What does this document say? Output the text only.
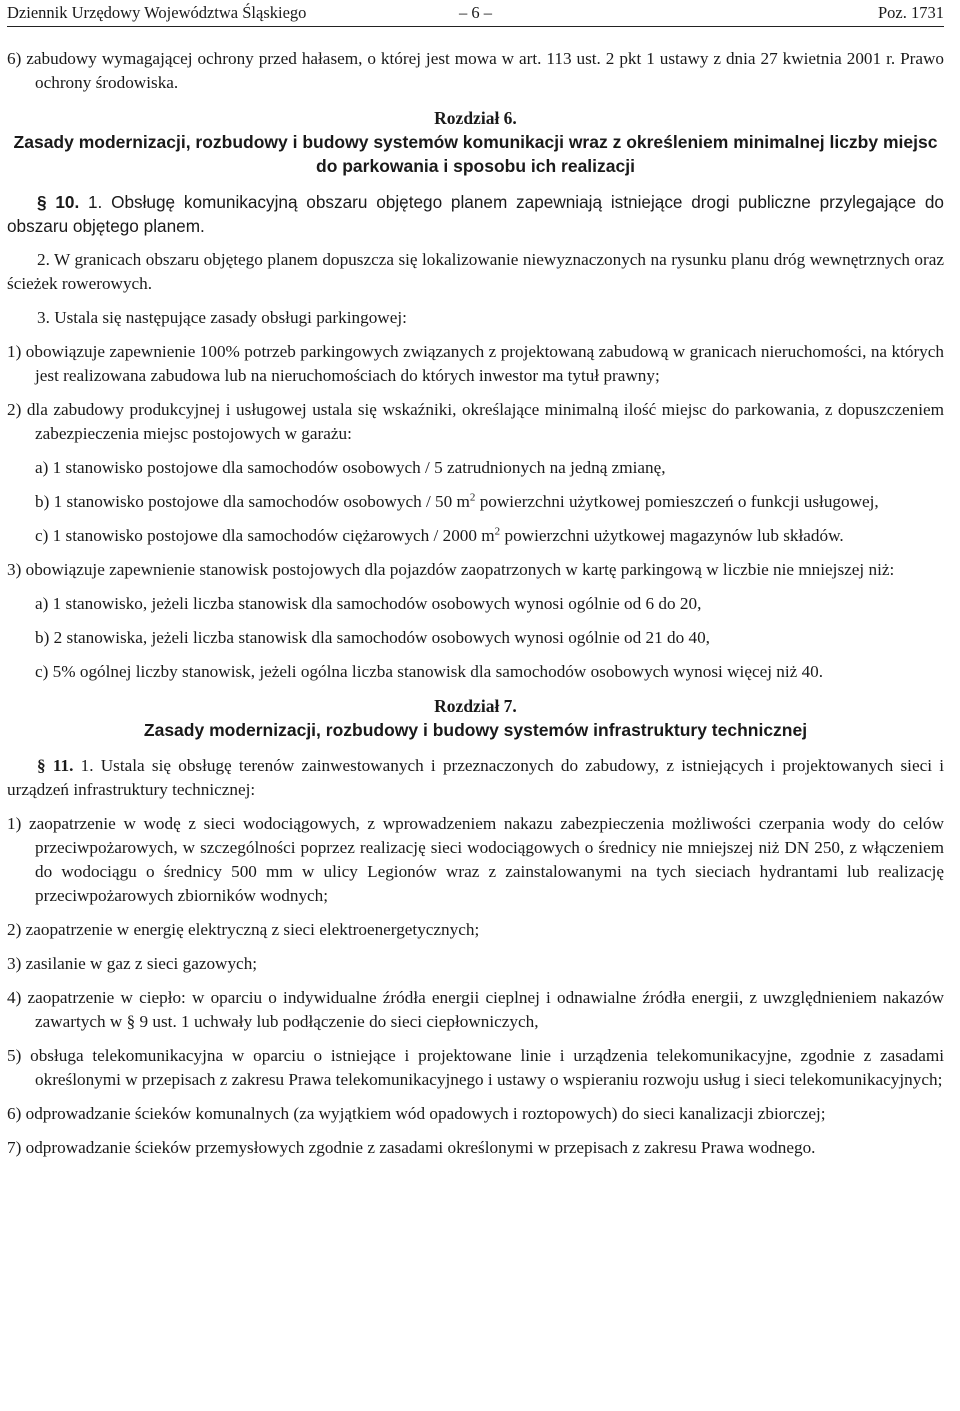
Dziennik Urzędowy Województwa Śląskiego	– 6 –	Poz. 1731

6) zabudowy wymagającej ochrony przed hałasem, o której jest mowa w art. 113 ust. 2 pkt 1 ustawy z dnia 27 kwietnia 2001 r. Prawo ochrony środowiska.

Rozdział 6.
Zasady modernizacji, rozbudowy i budowy systemów komunikacji wraz z określeniem minimalnej liczby miejsc do parkowania i sposobu ich realizacji

§ 10. 1. Obsługę komunikacyjną obszaru objętego planem zapewniają istniejące drogi publiczne przylegające do obszaru objętego planem.

2. W granicach obszaru objętego planem dopuszcza się lokalizowanie niewyznaczonych na rysunku planu dróg wewnętrznych oraz ścieżek rowerowych.

3. Ustala się następujące zasady obsługi parkingowej:

1) obowiązuje zapewnienie 100% potrzeb parkingowych związanych z projektowaną zabudową w granicach nieruchomości, na których jest realizowana zabudowa lub na nieruchomościach do których inwestor ma tytuł prawny;

2) dla zabudowy produkcyjnej i usługowej ustala się wskaźniki, określające minimalną ilość miejsc do parkowania, z dopuszczeniem zabezpieczenia miejsc postojowych w garażu:

a) 1 stanowisko postojowe dla samochodów osobowych / 5 zatrudnionych na jedną zmianę,

b) 1 stanowisko postojowe dla samochodów osobowych / 50 $m^2$ powierzchni użytkowej pomieszczeń o funkcji usługowej,

c) 1 stanowisko postojowe dla samochodów ciężarowych / 2000 $m^2$ powierzchni użytkowej magazynów lub składów.

3) obowiązuje zapewnienie stanowisk postojowych dla pojazdów zaopatrzonych w kartę parkingową w liczbie nie mniejszej niż:

a) 1 stanowisko, jeżeli liczba stanowisk dla samochodów osobowych wynosi ogólnie od 6 do 20,

b) 2 stanowiska, jeżeli liczba stanowisk dla samochodów osobowych wynosi ogólnie od 21 do 40,

c) 5% ogólnej liczby stanowisk, jeżeli ogólna liczba stanowisk dla samochodów osobowych wynosi więcej niż 40.

Rozdział 7.
Zasady modernizacji, rozbudowy i budowy systemów infrastruktury technicznej

§ 11. 1. Ustala się obsługę terenów zainwestowanych i przeznaczonych do zabudowy, z istniejących i projektowanych sieci i urządzeń infrastruktury technicznej:

1) zaopatrzenie w wodę z sieci wodociągowych, z wprowadzeniem nakazu zabezpieczenia możliwości czerpania wody do celów przeciwpożarowych, w szczególności poprzez realizację sieci wodociągowych o średnicy nie mniejszej niż DN 250, z włączeniem do wodociągu o średnicy 500 mm w ulicy Legionów wraz z zainstalowanymi na tych sieciach hydrantami lub realizację przeciwpożarowych zbiorników wodnych;

2) zaopatrzenie w energię elektryczną z sieci elektroenergetycznych;

3) zasilanie w gaz z sieci gazowych;

4) zaopatrzenie w ciepło: w oparciu o indywidualne źródła energii cieplnej i odnawialne źródła energii, z uwzględnieniem nakazów zawartych w § 9 ust. 1 uchwały lub podłączenie do sieci ciepłowniczych,

5) obsługa telekomunikacyjna w oparciu o istniejące i projektowane linie i urządzenia telekomunikacyjne, zgodnie z zasadami określonymi w przepisach z zakresu Prawa telekomunikacyjnego i ustawy o wspieraniu rozwoju usług i sieci telekomunikacyjnych;

6) odprowadzanie ścieków komunalnych (za wyjątkiem wód opadowych i roztopowych) do sieci kanalizacji zbiorczej;

7) odprowadzanie ścieków przemysłowych zgodnie z zasadami określonymi w przepisach z zakresu Prawa wodnego.
